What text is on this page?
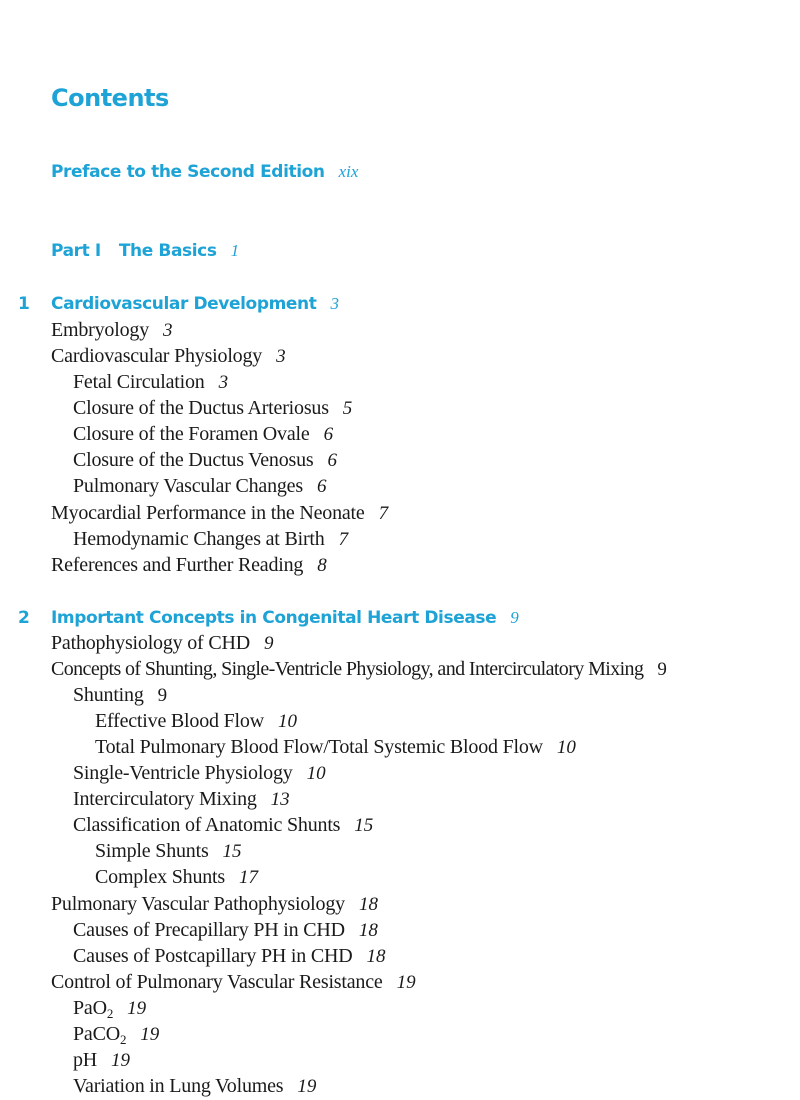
Contents
Preface to the Second Edition xix
Part I The Basics 1
1 Cardiovascular Development 3
Embryology 3
Cardiovascular Physiology 3
Fetal Circulation 3
Closure of the Ductus Arteriosus 5
Closure of the Foramen Ovale 6
Closure of the Ductus Venosus 6
Pulmonary Vascular Changes 6
Myocardial Performance in the Neonate 7
Hemodynamic Changes at Birth 7
References and Further Reading 8
2 Important Concepts in Congenital Heart Disease 9
Pathophysiology of CHD 9
Concepts of Shunting, Single-Ventricle Physiology, and Intercirculatory Mixing 9
Shunting 9
Effective Blood Flow 10
Total Pulmonary Blood Flow/Total Systemic Blood Flow 10
Single-Ventricle Physiology 10
Intercirculatory Mixing 13
Classification of Anatomic Shunts 15
Simple Shunts 15
Complex Shunts 17
Pulmonary Vascular Pathophysiology 18
Causes of Precapillary PH in CHD 18
Causes of Postcapillary PH in CHD 18
Control of Pulmonary Vascular Resistance 19
PaO$_2$ 19
PaCO$_2$ 19
pH 19
Variation in Lung Volumes 19
